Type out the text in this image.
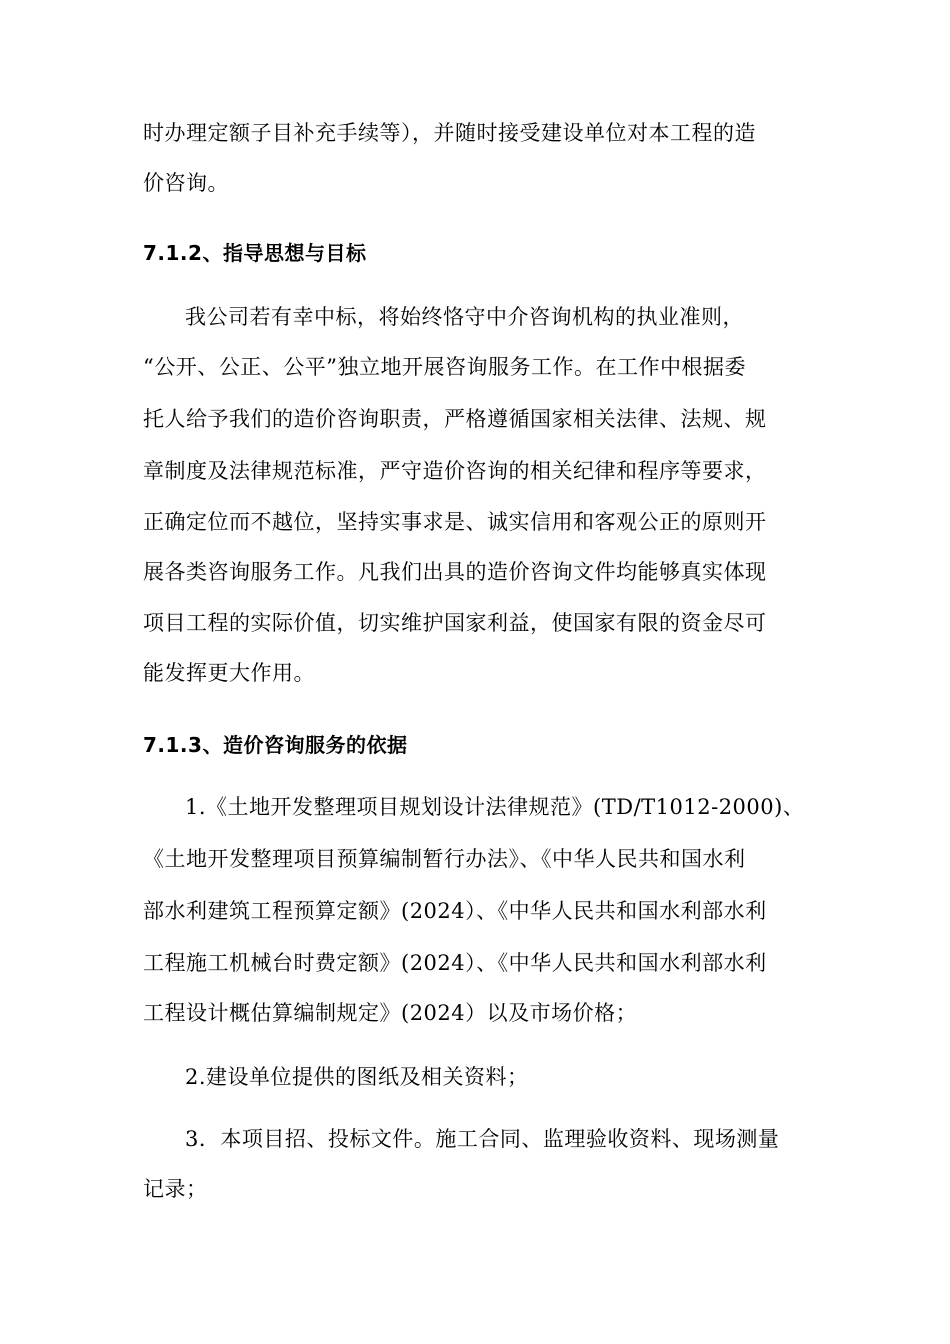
时办理定额子目补充手续等），并随时接受建设单位对本工程的造
价咨询。
7.1.2、指导思想与目标
我公司若有幸中标，将始终恪守中介咨询机构的执业准则，
“公开、公正、公平”独立地开展咨询服务工作。在工作中根据委
托人给予我们的造价咨询职责，严格遵循国家相关法律、法规、规
章制度及法律规范标准，严守造价咨询的相关纪律和程序等要求，
正确定位而不越位，坚持实事求是、诚实信用和客观公正的原则开
展各类咨询服务工作。凡我们出具的造价咨询文件均能够真实体现
项目工程的实际价值，切实维护国家利益，使国家有限的资金尽可
能发挥更大作用。
7.1.3、造价咨询服务的依据
1.《土地开发整理项目规划设计法律规范》(TD/T1012-2000)、
《土地开发整理项目预算编制暂行办法》、《中华人民共和国水利
部水利建筑工程预算定额》(2024）、《中华人民共和国水利部水利
工程施工机械台时费定额》(2024）、《中华人民共和国水利部水利
工程设计概估算编制规定》(2024）以及市场价格；
2.建设单位提供的图纸及相关资料；
3．本项目招、投标文件。施工合同、监理验收资料、现场测量
记录；
